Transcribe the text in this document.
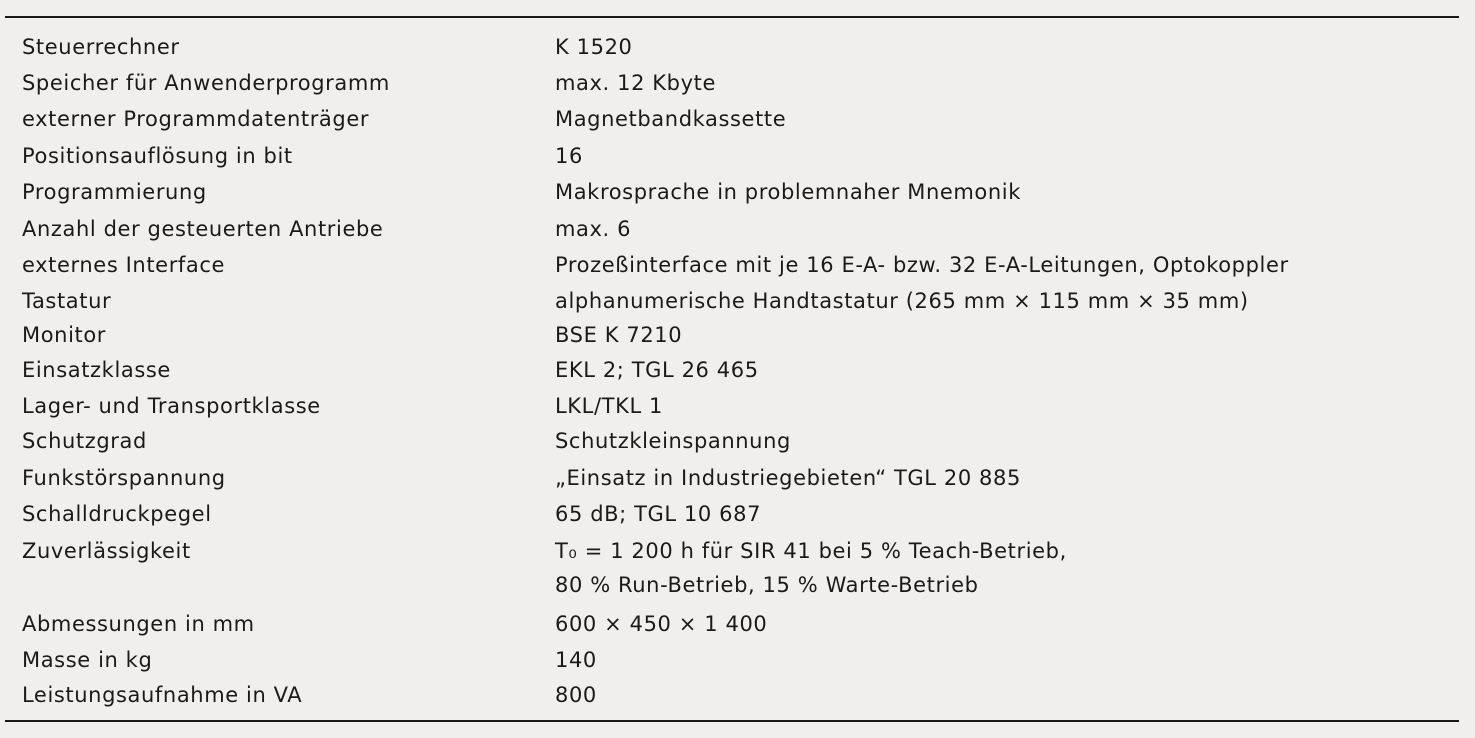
Steuerrechner	K 1520
Speicher für Anwenderprogramm	max. 12 Kbyte
externer Programmdatenträger	Magnetbandkassette
Positionsauflösung in bit	16
Programmierung	Makrosprache in problemnaher Mnemonik
Anzahl der gesteuerten Antriebe	max. 6
externes Interface	Prozeßinterface mit je 16 E-A- bzw. 32 E-A-Leitungen, Optokoppler
Tastatur	alphanumerische Handtastatur (265 mm × 115 mm × 35 mm)
Monitor	BSE K 7210
Einsatzklasse	EKL 2; TGL 26 465
Lager- und Transportklasse	LKL/TKL 1
Schutzgrad	Schutzkleinspannung
Funkstörspannung	„Einsatz in Industriegebieten“ TGL 20 885
Schalldruckpegel	65 dB; TGL 10 687
Zuverlässigkeit	T₀ = 1 200 h für SIR 41 bei 5 % Teach-Betrieb,
80 % Run-Betrieb, 15 % Warte-Betrieb
Abmessungen in mm	600 × 450 × 1 400
Masse in kg	140
Leistungsaufnahme in VA	800
